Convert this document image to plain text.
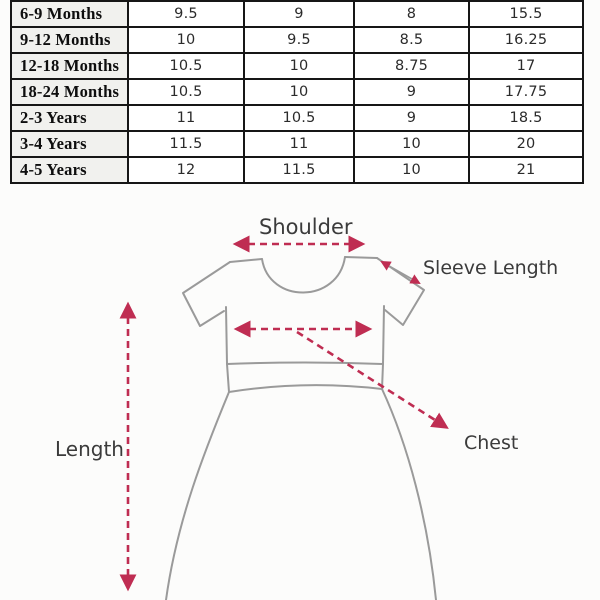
6-9 Months	9.5	9	8	15.5
9-12 Months	10	9.5	8.5	16.25
12-18 Months	10.5	10	8.75	17
18-24 Months	10.5	10	9	17.75
2-3 Years	11	10.5	9	18.5
3-4 Years	11.5	11	10	20
4-5 Years	12	11.5	10	21
Shoulder
Sleeve Length
Length	Chest
